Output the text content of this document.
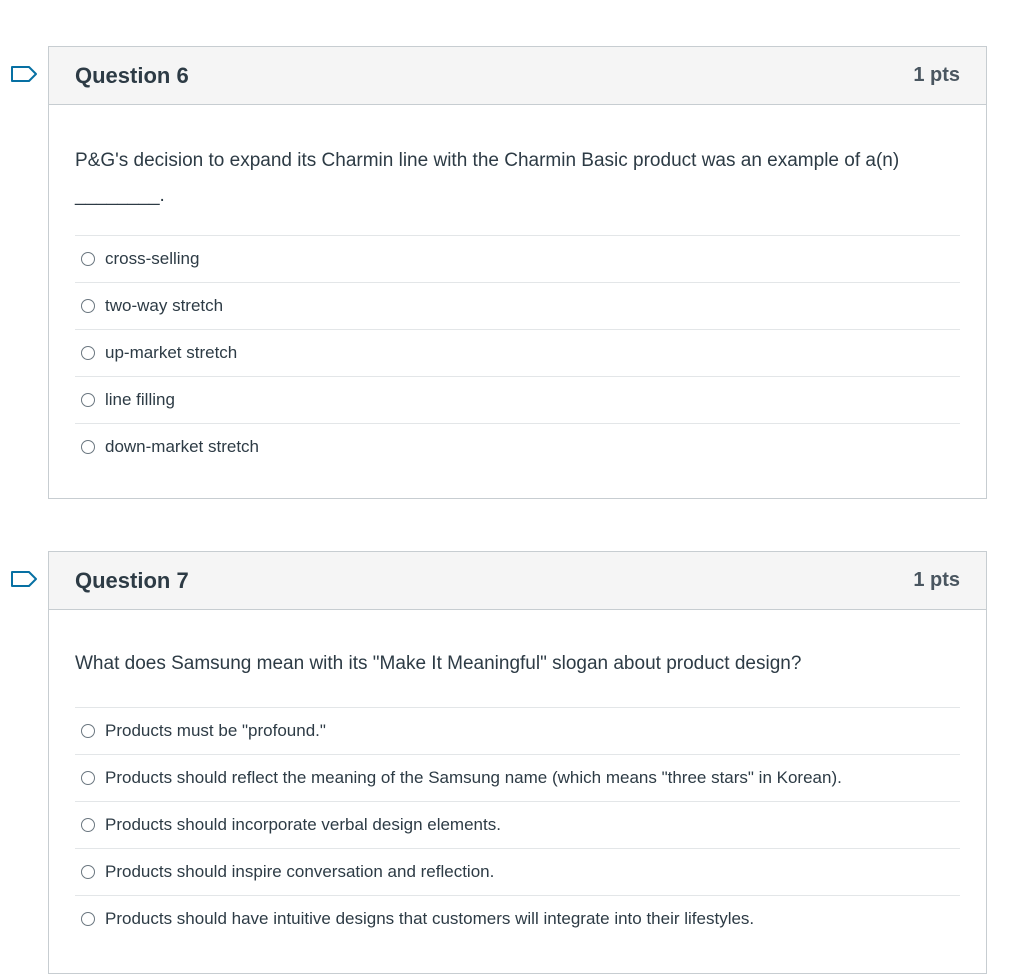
Question 6	1 pts

P&G's decision to expand its Charmin line with the Charmin Basic product was an example of a(n) ________.

cross-selling
two-way stretch
up-market stretch
line filling
down-market stretch
Question 7	1 pts

What does Samsung mean with its "Make It Meaningful" slogan about product design?

Products must be "profound."
Products should reflect the meaning of the Samsung name (which means "three stars" in Korean).
Products should incorporate verbal design elements.
Products should inspire conversation and reflection.
Products should have intuitive designs that customers will integrate into their lifestyles.
